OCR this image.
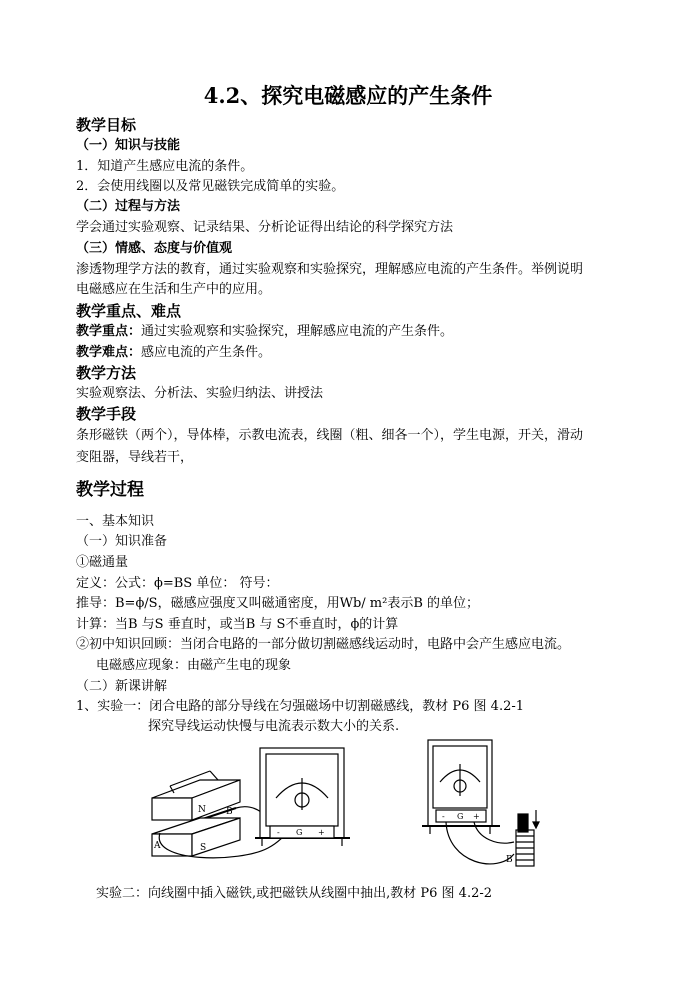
4.2、探究电磁感应的产生条件
教学目标
（一）知识与技能
1．知道产生感应电流的条件。
2．会使用线圈以及常见磁铁完成简单的实验。
（二）过程与方法
学会通过实验观察、记录结果、分析论证得出结论的科学探究方法
（三）情感、态度与价值观
渗透物理学方法的教育，通过实验观察和实验探究，理解感应电流的产生条件。举例说明
电磁感应在生活和生产中的应用。
教学重点、难点
教学重点：通过实验观察和实验探究，理解感应电流的产生条件。
教学难点：感应电流的产生条件。
教学方法
实验观察法、分析法、实验归纳法、讲授法
教学手段
条形磁铁（两个），导体棒，示教电流表，线圈（粗、细各一个），学生电源，开关，滑动
变阻器，导线若干，
教学过程
一、基本知识
（一）知识准备
①磁通量
定义：公式：ϕ=BS 单位： 符号：
推导：B=ϕ/S，磁感应强度又叫磁通密度，用Wb/ m²表示B 的单位；
计算：当B 与S 垂直时，或当B 与 S不垂直时，ϕ的计算
②初中知识回顾：当闭合电路的一部分做切割磁感线运动时，电路中会产生感应电流。
电磁感应现象：由磁产生电的现象
（二）新课讲解
1、实验一：闭合电路的部分导线在匀强磁场中切割磁感线，教材 P6 图 4.2-1
探究导线运动快慢与电流表示数大小的关系.
N
S
A
B
- G +
- G +
B
实验二：向线圈中插入磁铁,或把磁铁从线圈中抽出,教材 P6 图 4.2-2
